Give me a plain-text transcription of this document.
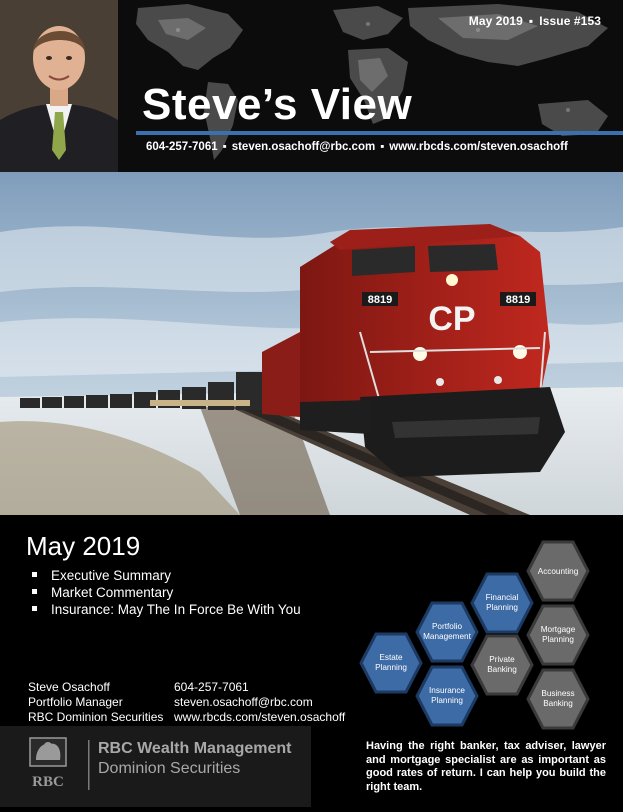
May 2019 ▪ Issue #153
Steve’s View
604-257-7061 ▪ steven.osachoff@rbc.com ▪ www.rbcds.com/steven.osachoff
8819	8819
CP
May 2019
Executive Summary
Market Commentary
Insurance: May The In Force Be With You
Accounting
Financial
Planning
Portfolio
Management
Mortgage
Planning
Estate
Planning
Private
Banking
Insurance
Planning
Business
Banking
Steve Osachoff	604-257-7061
Portfolio Manager	steven.osachoff@rbc.com
RBC Dominion Securities www.rbcds.com/steven.osachoff
RBC
RBC Wealth Management
Dominion Securities
Having the right banker, tax adviser, lawyer and mortgage specialist are as important as good rates of return. I can help you build the right team.
